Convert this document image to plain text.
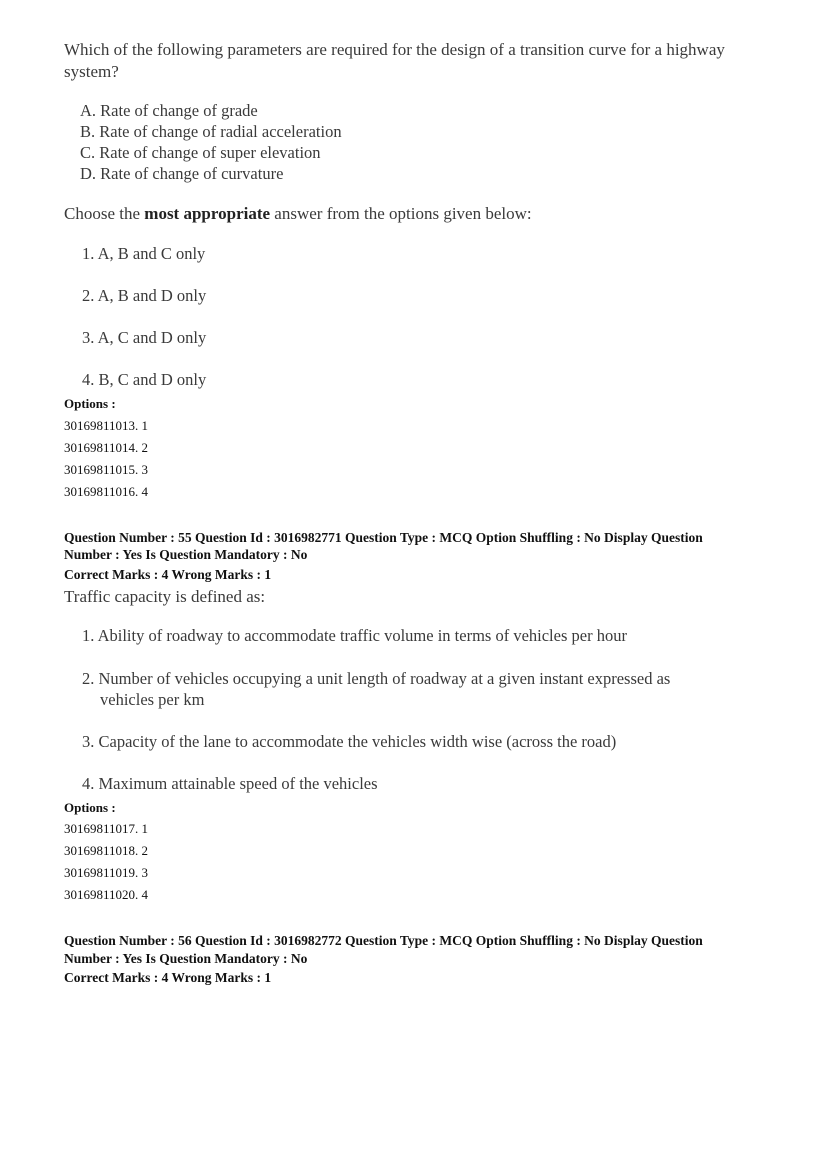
Which of the following parameters are required for the design of a transition curve for a highway
system?
A. Rate of change of grade
B. Rate of change of radial acceleration
C. Rate of change of super elevation
D. Rate of change of curvature
Choose the most appropriate answer from the options given below:
1. A, B and C only
2. A, B and D only
3. A, C and D only
4. B, C and D only
Options :
30169811013. 1
30169811014. 2
30169811015. 3
30169811016. 4
Question Number : 55 Question Id : 3016982771 Question Type : MCQ Option Shuffling : No Display Question
Number : Yes Is Question Mandatory : No
Correct Marks : 4 Wrong Marks : 1
Traffic capacity is defined as:
1. Ability of roadway to accommodate traffic volume in terms of vehicles per hour
2. Number of vehicles occupying a unit length of roadway at a given instant expressed as
vehicles per km
3. Capacity of the lane to accommodate the vehicles width wise (across the road)
4. Maximum attainable speed of the vehicles
Options :
30169811017. 1
30169811018. 2
30169811019. 3
30169811020. 4
Question Number : 56 Question Id : 3016982772 Question Type : MCQ Option Shuffling : No Display Question
Number : Yes Is Question Mandatory : No
Correct Marks : 4 Wrong Marks : 1
